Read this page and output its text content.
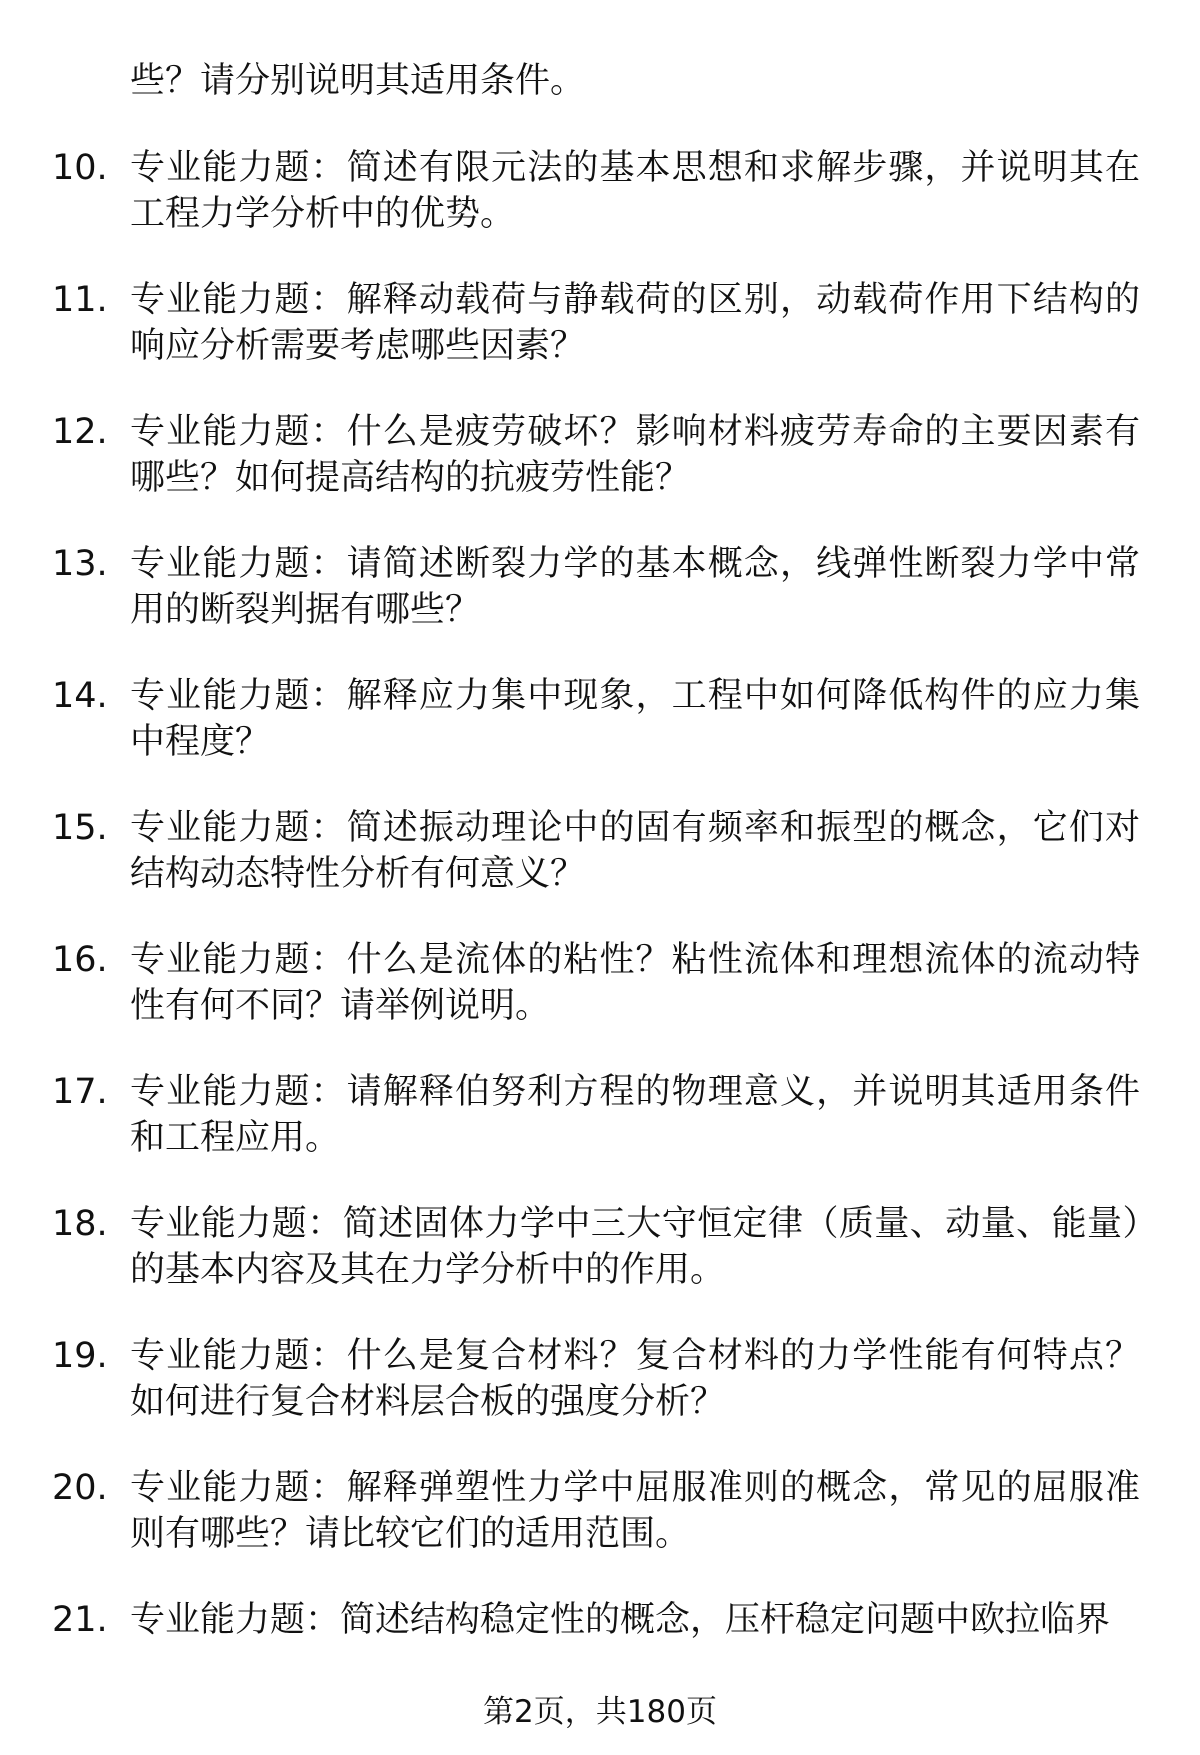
些？请分别说明其适用条件。
10. 专业能力题：简述有限元法的基本思想和求解步骤，并说明其在工程力学分析中的优势。
11. 专业能力题：解释动载荷与静载荷的区别，动载荷作用下结构的响应分析需要考虑哪些因素？
12. 专业能力题：什么是疲劳破坏？影响材料疲劳寿命的主要因素有哪些？如何提高结构的抗疲劳性能？
13. 专业能力题：请简述断裂力学的基本概念，线弹性断裂力学中常用的断裂判据有哪些？
14. 专业能力题：解释应力集中现象，工程中如何降低构件的应力集中程度？
15. 专业能力题：简述振动理论中的固有频率和振型的概念，它们对结构动态特性分析有何意义？
16. 专业能力题：什么是流体的粘性？粘性流体和理想流体的流动特性有何不同？请举例说明。
17. 专业能力题：请解释伯努利方程的物理意义，并说明其适用条件和工程应用。
18. 专业能力题：简述固体力学中三大守恒定律（质量、动量、能量）的基本内容及其在力学分析中的作用。
19. 专业能力题：什么是复合材料？复合材料的力学性能有何特点？如何进行复合材料层合板的强度分析？
20. 专业能力题：解释弹塑性力学中屈服准则的概念，常见的屈服准则有哪些？请比较它们的适用范围。
21. 专业能力题：简述结构稳定性的概念，压杆稳定问题中欧拉临界
第2页，共180页
